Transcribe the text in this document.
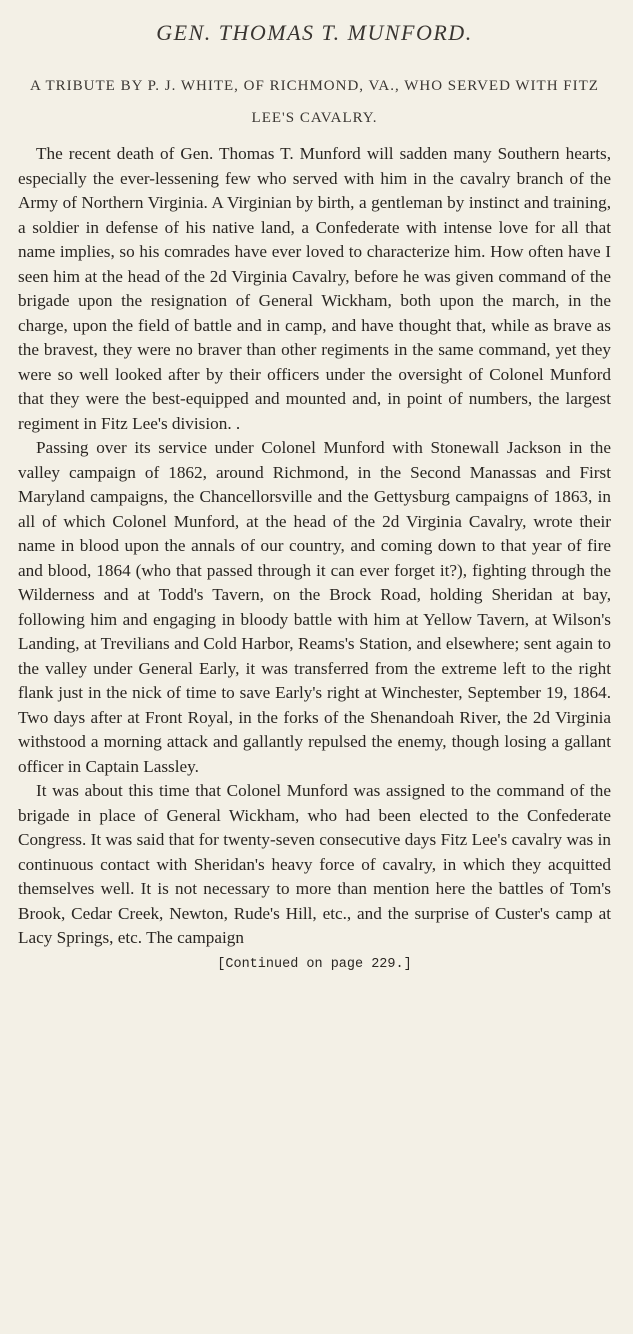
GEN. THOMAS T. MUNFORD.
A TRIBUTE BY P. J. WHITE, OF RICHMOND, VA., WHO SERVED WITH FITZ LEE'S CAVALRY.

The recent death of Gen. Thomas T. Munford will sadden many Southern hearts, especially the ever-lessening few who served with him in the cavalry branch of the Army of Northern Virginia. A Virginian by birth, a gentleman by instinct and training, a soldier in defense of his native land, a Confederate with intense love for all that name implies, so his comrades have ever loved to characterize him. How often have I seen him at the head of the 2d Virginia Cavalry, before he was given command of the brigade upon the resignation of General Wickham, both upon the march, in the charge, upon the field of battle and in camp, and have thought that, while as brave as the bravest, they were no braver than other regiments in the same command, yet they were so well looked after by their officers under the oversight of Colonel Munford that they were the best-equipped and mounted and, in point of numbers, the largest regiment in Fitz Lee's division. .

Passing over its service under Colonel Munford with Stonewall Jackson in the valley campaign of 1862, around Richmond, in the Second Manassas and First Maryland campaigns, the Chancellorsville and the Gettysburg campaigns of 1863, in all of which Colonel Munford, at the head of the 2d Virginia Cavalry, wrote their name in blood upon the annals of our country, and coming down to that year of fire and blood, 1864 (who that passed through it can ever forget it?), fighting through the Wilderness and at Todd's Tavern, on the Brock Road, holding Sheridan at bay, following him and engaging in bloody battle with him at Yellow Tavern, at Wilson's Landing, at Trevilians and Cold Harbor, Reams's Station, and elsewhere; sent again to the valley under General Early, it was transferred from the extreme left to the right flank just in the nick of time to save Early's right at Winchester, September 19, 1864. Two days after at Front Royal, in the forks of the Shenandoah River, the 2d Virginia withstood a morning attack and gallantly repulsed the enemy, though losing a gallant officer in Captain Lassley.

It was about this time that Colonel Munford was assigned to the command of the brigade in place of General Wickham, who had been elected to the Confederate Congress. It was said that for twenty-seven consecutive days Fitz Lee's cavalry was in continuous contact with Sheridan's heavy force of cavalry, in which they acquitted themselves well. It is not necessary to more than mention here the battles of Tom's Brook, Cedar Creek, Newton, Rude's Hill, etc., and the surprise of Custer's camp at Lacy Springs, etc. The campaign

[Continued on page 229.]
